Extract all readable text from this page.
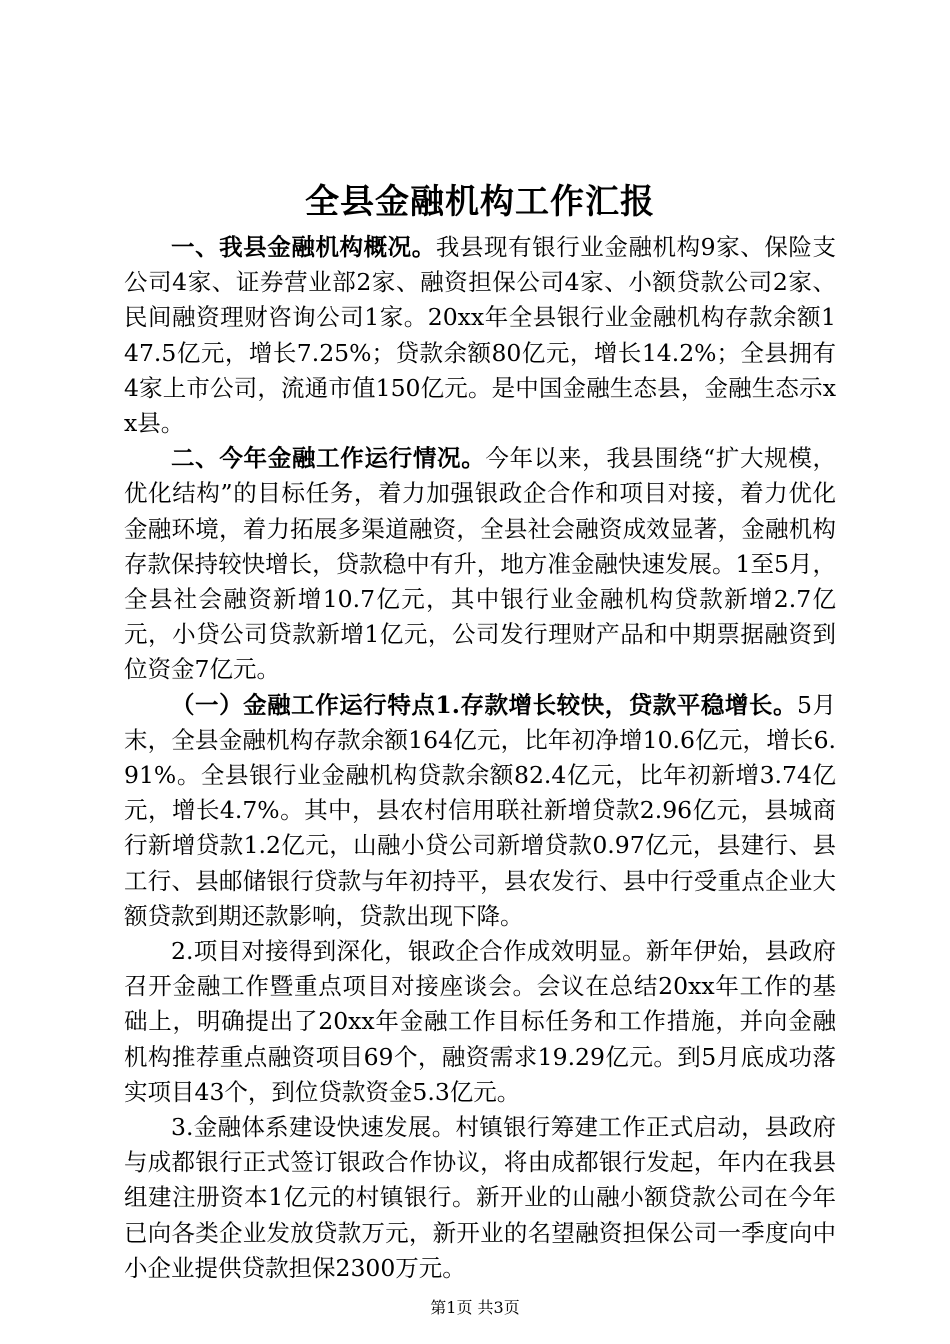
全县金融机构工作汇报

一、我县金融机构概况。我县现有银行业金融机构9家、保险支公司4家、证券营业部2家、融资担保公司4家、小额贷款公司2家、民间融资理财咨询公司1家。20xx年全县银行业金融机构存款余额147.5亿元，增长7.25%；贷款余额80亿元，增长14.2%；全县拥有4家上市公司，流通市值150亿元。是中国金融生态县，金融生态示xx县。

二、今年金融工作运行情况。今年以来，我县围绕“扩大规模，优化结构”的目标任务，着力加强银政企合作和项目对接，着力优化金融环境，着力拓展多渠道融资，全县社会融资成效显著，金融机构存款保持较快增长，贷款稳中有升，地方准金融快速发展。1至5月，全县社会融资新增10.7亿元，其中银行业金融机构贷款新增2.7亿元，小贷公司贷款新增1亿元，公司发行理财产品和中期票据融资到位资金7亿元。

（一）金融工作运行特点1.存款增长较快，贷款平稳增长。5月末，全县金融机构存款余额164亿元，比年初净增10.6亿元，增长6.91%。全县银行业金融机构贷款余额82.4亿元，比年初新增3.74亿元，增长4.7%。其中，县农村信用联社新增贷款2.96亿元，县城商行新增贷款1.2亿元，山融小贷公司新增贷款0.97亿元，县建行、县工行、县邮储银行贷款与年初持平，县农发行、县中行受重点企业大额贷款到期还款影响，贷款出现下降。

2.项目对接得到深化，银政企合作成效明显。新年伊始，县政府召开金融工作暨重点项目对接座谈会。会议在总结20xx年工作的基础上，明确提出了20xx年金融工作目标任务和工作措施，并向金融机构推荐重点融资项目69个，融资需求19.29亿元。到5月底成功落实项目43个，到位贷款资金5.3亿元。

3.金融体系建设快速发展。村镇银行筹建工作正式启动，县政府与成都银行正式签订银政合作协议，将由成都银行发起，年内在我县组建注册资本1亿元的村镇银行。新开业的山融小额贷款公司在今年已向各类企业发放贷款万元，新开业的名望融资担保公司一季度向中小企业提供贷款担保2300万元。

第1页 共3页
